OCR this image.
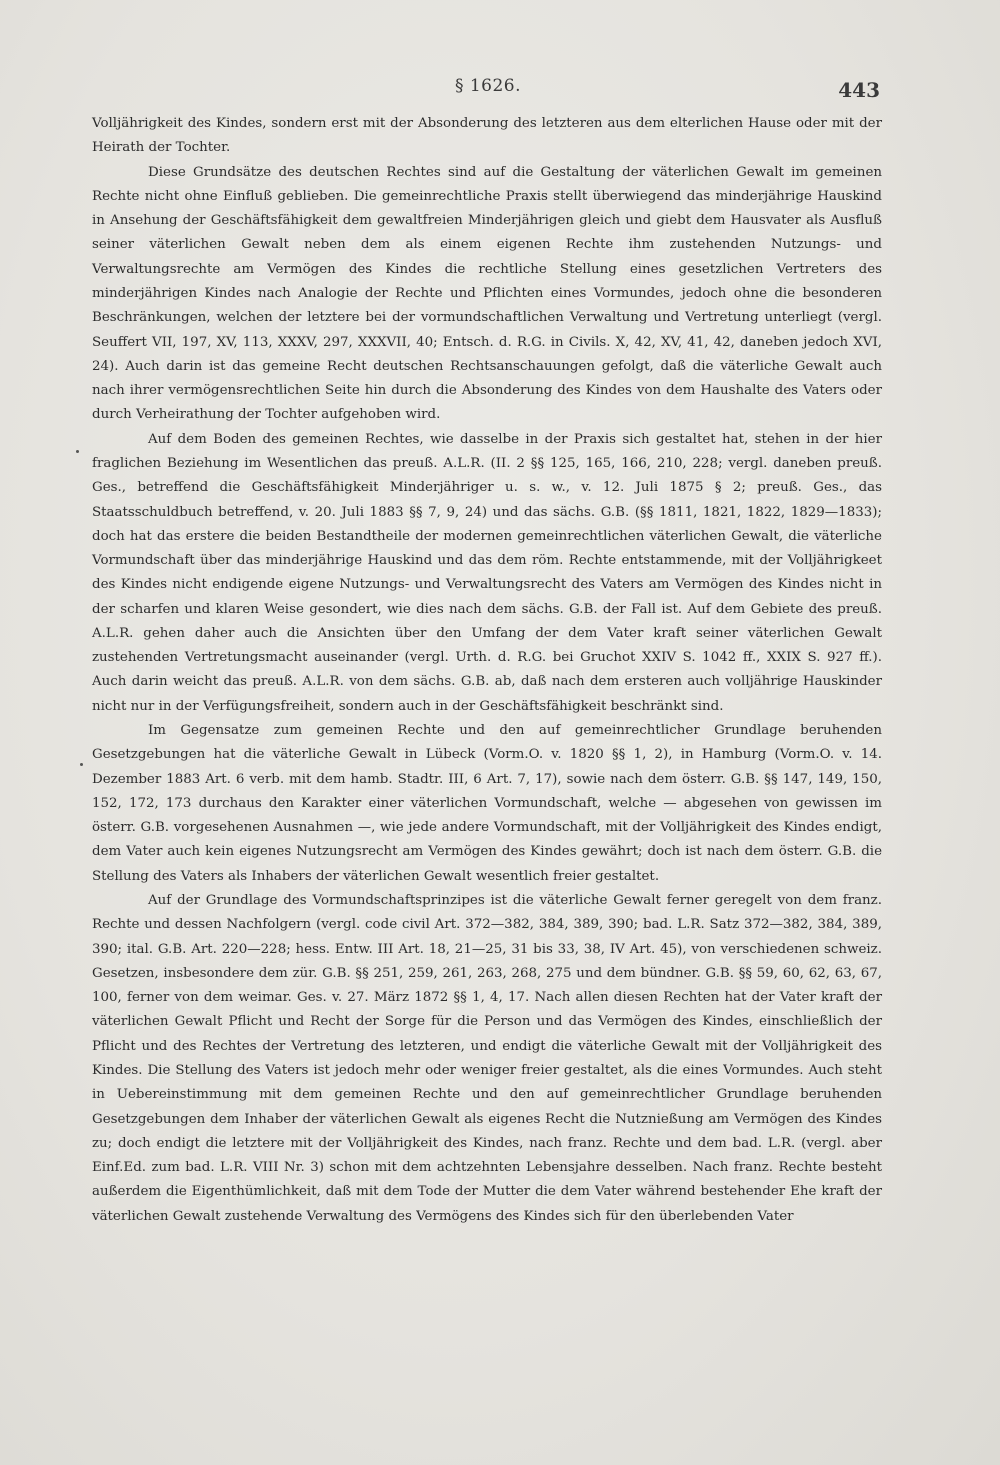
§ 1626.	443

Volljährigkeit des Kindes, sondern erst mit der Absonderung des letzteren aus dem elterlichen Hause oder mit der Heirath der Tochter.

Diese Grundsätze des deutschen Rechtes sind auf die Gestaltung der väterlichen Gewalt im gemeinen Rechte nicht ohne Einfluß geblieben. Die gemeinrechtliche Praxis stellt überwiegend das minderjährige Hauskind in Ansehung der Geschäftsfähigkeit dem gewaltfreien Minderjährigen gleich und giebt dem Hausvater als Ausfluß seiner väterlichen Gewalt neben dem als einem eigenen Rechte ihm zustehenden Nutzungs- und Verwaltungsrechte am Vermögen des Kindes die rechtliche Stellung eines gesetzlichen Vertreters des minderjährigen Kindes nach Analogie der Rechte und Pflichten eines Vormundes, jedoch ohne die besonderen Beschränkungen, welchen der letztere bei der vormundschaftlichen Verwaltung und Vertretung unterliegt (vergl. Seuffert VII, 197, XV, 113, XXXV, 297, XXXVII, 40; Entsch. d. R.G. in Civils. X, 42, XV, 41, 42, daneben jedoch XVI, 24). Auch darin ist das gemeine Recht deutschen Rechtsanschauungen gefolgt, daß die väterliche Gewalt auch nach ihrer vermögensrechtlichen Seite hin durch die Absonderung des Kindes von dem Haushalte des Vaters oder durch Verheirathung der Tochter aufgehoben wird.

Auf dem Boden des gemeinen Rechtes, wie dasselbe in der Praxis sich gestaltet hat, stehen in der hier fraglichen Beziehung im Wesentlichen das preuß. A.L.R. (II. 2 §§ 125, 165, 166, 210, 228; vergl. daneben preuß. Ges., betreffend die Geschäftsfähigkeit Minderjähriger u. s. w., v. 12. Juli 1875 § 2; preuß. Ges., das Staatsschuldbuch betreffend, v. 20. Juli 1883 §§ 7, 9, 24) und das sächs. G.B. (§§ 1811, 1821, 1822, 1829—1833); doch hat das erstere die beiden Bestandtheile der modernen gemeinrechtlichen väterlichen Gewalt, die väterliche Vormundschaft über das minderjährige Hauskind und das dem röm. Rechte entstammende, mit der Volljährigkeet des Kindes nicht endigende eigene Nutzungs- und Verwaltungsrecht des Vaters am Vermögen des Kindes nicht in der scharfen und klaren Weise gesondert, wie dies nach dem sächs. G.B. der Fall ist. Auf dem Gebiete des preuß. A.L.R. gehen daher auch die Ansichten über den Umfang der dem Vater kraft seiner väterlichen Gewalt zustehenden Vertretungsmacht auseinander (vergl. Urth. d. R.G. bei Gruchot XXIV S. 1042 ff., XXIX S. 927 ff.). Auch darin weicht das preuß. A.L.R. von dem sächs. G.B. ab, daß nach dem ersteren auch volljährige Hauskinder nicht nur in der Verfügungsfreiheit, sondern auch in der Geschäftsfähigkeit beschränkt sind.

Im Gegensatze zum gemeinen Rechte und den auf gemeinrechtlicher Grundlage beruhenden Gesetzgebungen hat die väterliche Gewalt in Lübeck (Vorm.O. v. 1820 §§ 1, 2), in Hamburg (Vorm.O. v. 14. Dezember 1883 Art. 6 verb. mit dem hamb. Stadtr. III, 6 Art. 7, 17), sowie nach dem österr. G.B. §§ 147, 149, 150, 152, 172, 173 durchaus den Karakter einer väterlichen Vormundschaft, welche — abgesehen von gewissen im österr. G.B. vorgesehenen Ausnahmen —, wie jede andere Vormundschaft, mit der Volljährigkeit des Kindes endigt, dem Vater auch kein eigenes Nutzungsrecht am Vermögen des Kindes gewährt; doch ist nach dem österr. G.B. die Stellung des Vaters als Inhabers der väterlichen Gewalt wesentlich freier gestaltet.

Auf der Grundlage des Vormundschaftsprinzipes ist die väterliche Gewalt ferner geregelt von dem franz. Rechte und dessen Nachfolgern (vergl. code civil Art. 372—382, 384, 389, 390; bad. L.R. Satz 372—382, 384, 389, 390; ital. G.B. Art. 220—228; hess. Entw. III Art. 18, 21—25, 31 bis 33, 38, IV Art. 45), von verschiedenen schweiz. Gesetzen, insbesondere dem zür. G.B. §§ 251, 259, 261, 263, 268, 275 und dem bündner. G.B. §§ 59, 60, 62, 63, 67, 100, ferner von dem weimar. Ges. v. 27. März 1872 §§ 1, 4, 17. Nach allen diesen Rechten hat der Vater kraft der väterlichen Gewalt Pflicht und Recht der Sorge für die Person und das Vermögen des Kindes, einschließlich der Pflicht und des Rechtes der Vertretung des letzteren, und endigt die väterliche Gewalt mit der Volljährigkeit des Kindes. Die Stellung des Vaters ist jedoch mehr oder weniger freier gestaltet, als die eines Vormundes. Auch steht in Uebereinstimmung mit dem gemeinen Rechte und den auf gemeinrechtlicher Grundlage beruhenden Gesetzgebungen dem Inhaber der väterlichen Gewalt als eigenes Recht die Nutznießung am Vermögen des Kindes zu; doch endigt die letztere mit der Volljährigkeit des Kindes, nach franz. Rechte und dem bad. L.R. (vergl. aber Einf.Ed. zum bad. L.R. VIII Nr. 3) schon mit dem achtzehnten Lebensjahre desselben. Nach franz. Rechte besteht außerdem die Eigenthümlichkeit, daß mit dem Tode der Mutter die dem Vater während bestehender Ehe kraft der väterlichen Gewalt zustehende Verwaltung des Vermögens des Kindes sich für den überlebenden Vater
